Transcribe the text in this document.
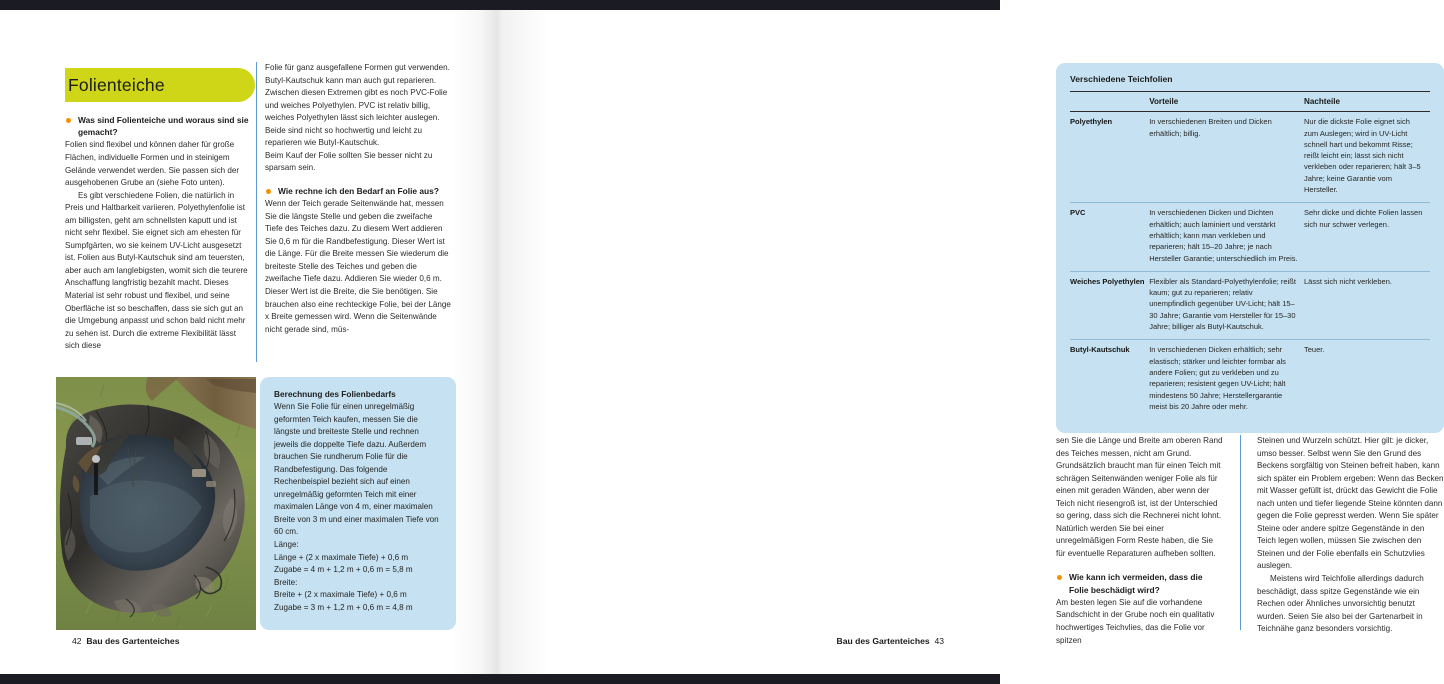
Folienteiche
Was sind Folienteiche und woraus sind sie gemacht?

Folien sind flexibel und können daher für große Flächen, individuelle Formen und in steinigem Gelände verwendet werden. Sie passen sich der ausgehobenen Grube an (siehe Foto unten).

Es gibt verschiedene Folien, die natürlich in Preis und Haltbarkeit variieren. Polyethylenfolie ist am billigsten, geht am schnellsten kaputt und ist nicht sehr flexibel. Sie eignet sich am ehesten für Sumpfgärten, wo sie keinem UV-Licht ausgesetzt ist. Folien aus Butyl-Kautschuk sind am teuersten, aber auch am langlebigsten, womit sich die teurere Anschaffung langfristig bezahlt macht. Dieses Material ist sehr robust und flexibel, und seine Oberfläche ist so beschaffen, dass sie sich gut an die Umgebung anpasst und schon bald nicht mehr zu sehen ist. Durch die extreme Flexibilität lässt sich diese

Folie für ganz ausgefallene Formen gut verwenden. Butyl-Kautschuk kann man auch gut reparieren.

Zwischen diesen Extremen gibt es noch PVC-Folie und weiches Polyethylen. PVC ist relativ billig, weiches Polyethylen lässt sich leichter auslegen. Beide sind nicht so hochwertig und leicht zu reparieren wie Butyl-Kautschuk.

Beim Kauf der Folie sollten Sie besser nicht zu sparsam sein.

Wie rechne ich den Bedarf an Folie aus?

Wenn der Teich gerade Seitenwände hat, messen Sie die längste Stelle und geben die zweifache Tiefe des Teiches dazu. Zu diesem Wert addieren Sie 0,6 m für die Randbefestigung. Dieser Wert ist die Länge. Für die Breite messen Sie wiederum die breiteste Stelle des Teiches und geben die zweifache Tiefe dazu. Addieren Sie wieder 0,6 m. Dieser Wert ist die Breite, die Sie benötigen. Sie brauchen also eine rechteckige Folie, bei der Länge x Breite gemessen wird. Wenn die Seitenwände nicht gerade sind, müs-

Berechnung des Folienbedarfs

Wenn Sie Folie für einen unregelmäßig geformten Teich kaufen, messen Sie die längste und breiteste Stelle und rechnen jeweils die doppelte Tiefe dazu. Außerdem brauchen Sie rundherum Folie für die Randbefestigung. Das folgende Rechenbeispiel bezieht sich auf einen unregelmäßig geformten Teich mit einer maximalen Länge von 4 m, einer maximalen Breite von 3 m und einer maximalen Tiefe von 60 cm.

Länge:

Länge + (2 x maximale Tiefe) + 0,6 m

Zugabe = 4 m + 1,2 m + 0,6 m = 5,8 m

Breite:

Breite + (2 x maximale Tiefe) + 0,6 m

Zugabe = 3 m + 1,2 m + 0,6 m = 4,8 m

42 Bau des Gartenteiches
Verschiedene Teichfolien
	Vorteile	Nachteile
Polyethylen	In verschiedenen Breiten und Dicken erhältlich; billig.	Nur die dickste Folie eignet sich zum Auslegen; wird in UV-Licht schnell hart und bekommt Risse; reißt leicht ein; lässt sich nicht verkleben oder reparieren; hält 3–5 Jahre; keine Garantie vom Hersteller.
PVC	In verschiedenen Dicken und Dichten erhältlich; auch laminiert und verstärkt erhältlich; kann man verkleben und reparieren; hält 15–20 Jahre; je nach Hersteller Garantie; unterschiedlich im Preis.	Sehr dicke und dichte Folien lassen sich nur schwer verlegen.
Weiches Polyethylen	Flexibler als Standard-Polyethylenfolie; reißt kaum; gut zu reparieren; relativ unempfindlich gegenüber UV-Licht; hält 15–30 Jahre; Garantie vom Hersteller für 15–30 Jahre; billiger als Butyl-Kautschuk.	Lässt sich nicht verkleben.
Butyl-Kautschuk	In verschiedenen Dicken erhältlich; sehr elastisch; stärker und leichter formbar als andere Folien; gut zu verkleben und zu reparieren; resistent gegen UV-Licht; hält mindestens 50 Jahre; Herstellergarantie meist bis 20 Jahre oder mehr.	Teuer.

sen Sie die Länge und Breite am oberen Rand des Teiches messen, nicht am Grund. Grundsätzlich braucht man für einen Teich mit schrägen Seitenwänden weniger Folie als für einen mit geraden Wänden, aber wenn der Teich nicht riesengroß ist, ist der Unterschied so gering, dass sich die Rechnerei nicht lohnt. Natürlich werden Sie bei einer unregelmäßigen Form Reste haben, die Sie für eventuelle Reparaturen aufheben sollten.

Wie kann ich vermeiden, dass die Folie beschädigt wird?

Am besten legen Sie auf die vorhandene Sandschicht in der Grube noch ein qualitativ hochwertiges Teichvlies, das die Folie vor spitzen

Steinen und Wurzeln schützt. Hier gilt: je dicker, umso besser. Selbst wenn Sie den Grund des Beckens sorgfältig von Steinen befreit haben, kann sich später ein Problem ergeben: Wenn das Becken mit Wasser gefüllt ist, drückt das Gewicht die Folie nach unten und tiefer liegende Steine könnten dann gegen die Folie gepresst werden. Wenn Sie später Steine oder andere spitze Gegenstände in den Teich legen wollen, müssen Sie zwischen den Steinen und der Folie ebenfalls ein Schutzvlies auslegen.

Meistens wird Teichfolie allerdings dadurch beschädigt, dass spitze Gegenstände wie ein Rechen oder Ähnliches unvorsichtig benutzt wurden. Seien Sie also bei der Gartenarbeit in Teichnähe ganz besonders vorsichtig.

Bau des Gartenteiches 43
